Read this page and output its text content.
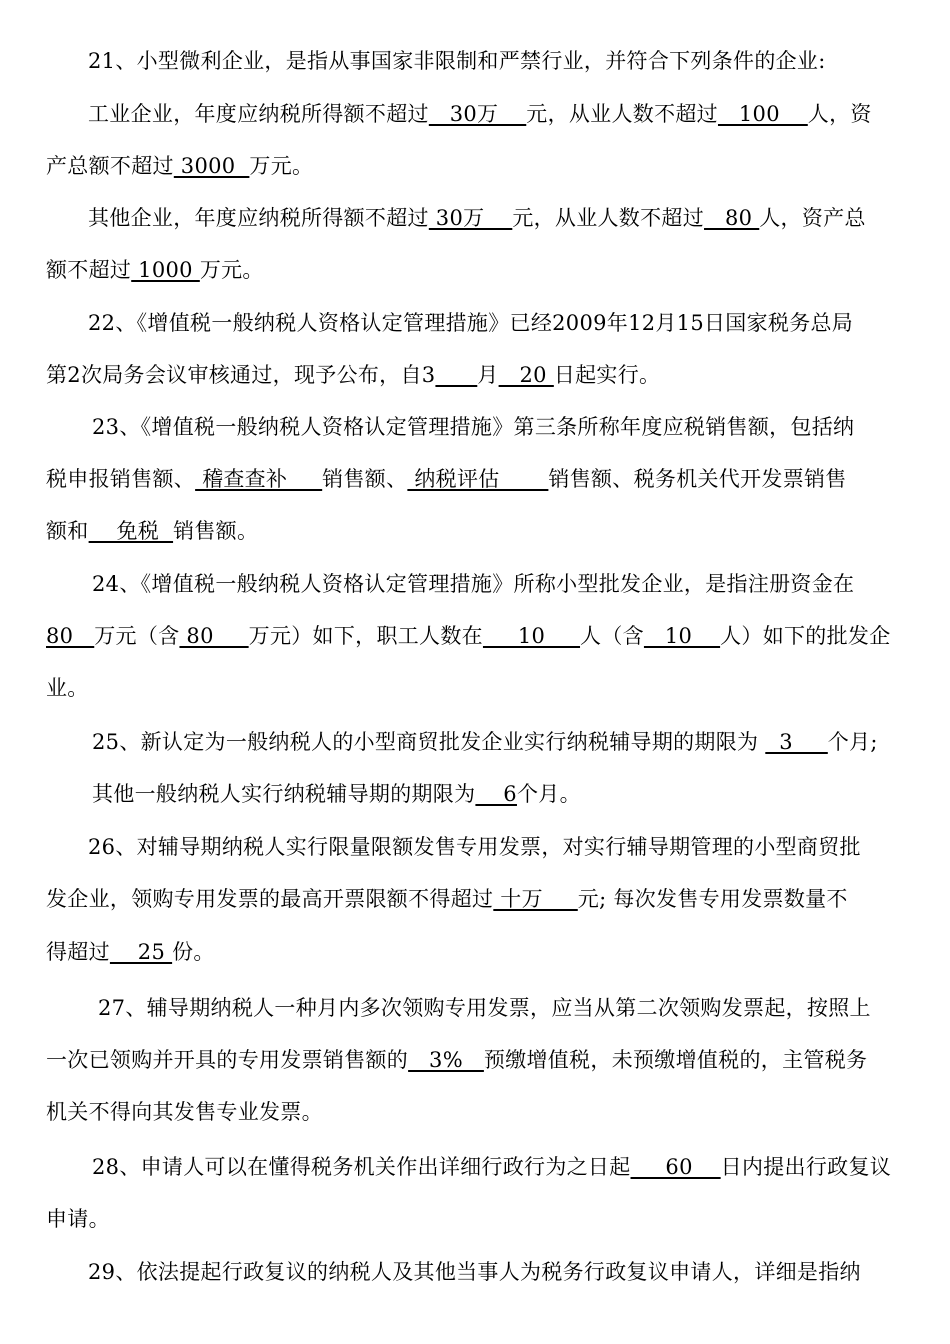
21、小型微利企业，是指从事国家非限制和严禁行业，并符合下列条件的企业:
工业企业，年度应纳税所得额不超过   30万    元，从业人数不超过   100    人，资
产总额不超过 3000  万元。
其他企业，年度应纳税所得额不超过 30万    元，从业人数不超过   80 人，资产总
额不超过 1000 万元。
22、《增值税一般纳税人资格认定管理措施》已经2009年12月15日国家税务总局
第2次局务会议审核通过，现予公布，自3 月   20 日起实行。
23、《增值税一般纳税人资格认定管理措施》第三条所称年度应税销售额，包括纳
税申报销售额、 稽查查补     销售额、 纳税评估       销售额、税务机关代开发票销售
额和    免税  销售额。
24、《增值税一般纳税人资格认定管理措施》所称小型批发企业，是指注册资金在
80   万元（含 80     万元）如下，职工人数在     10     人（含   10    人）如下的批发企
业。
25、新认定为一般纳税人的小型商贸批发企业实行纳税辅导期的期限为   3     个月;
其他一般纳税人实行纳税辅导期的期限为    6个月。
26、对辅导期纳税人实行限量限额发售专用发票，对实行辅导期管理的小型商贸批
发企业，领购专用发票的最高开票限额不得超过 十万     元; 每次发售专用发票数量不
得超过    25 份。
27、辅导期纳税人一种月内多次领购专用发票，应当从第二次领购发票起，按照上
一次已领购并开具的专用发票销售额的   3%   预缴增值税，未预缴增值税的，主管税务
机关不得向其发售专业发票。
28、申请人可以在懂得税务机关作出详细行政行为之日起     60    日内提出行政复议
申请。
29、依法提起行政复议的纳税人及其他当事人为税务行政复议申请人，详细是指纳
